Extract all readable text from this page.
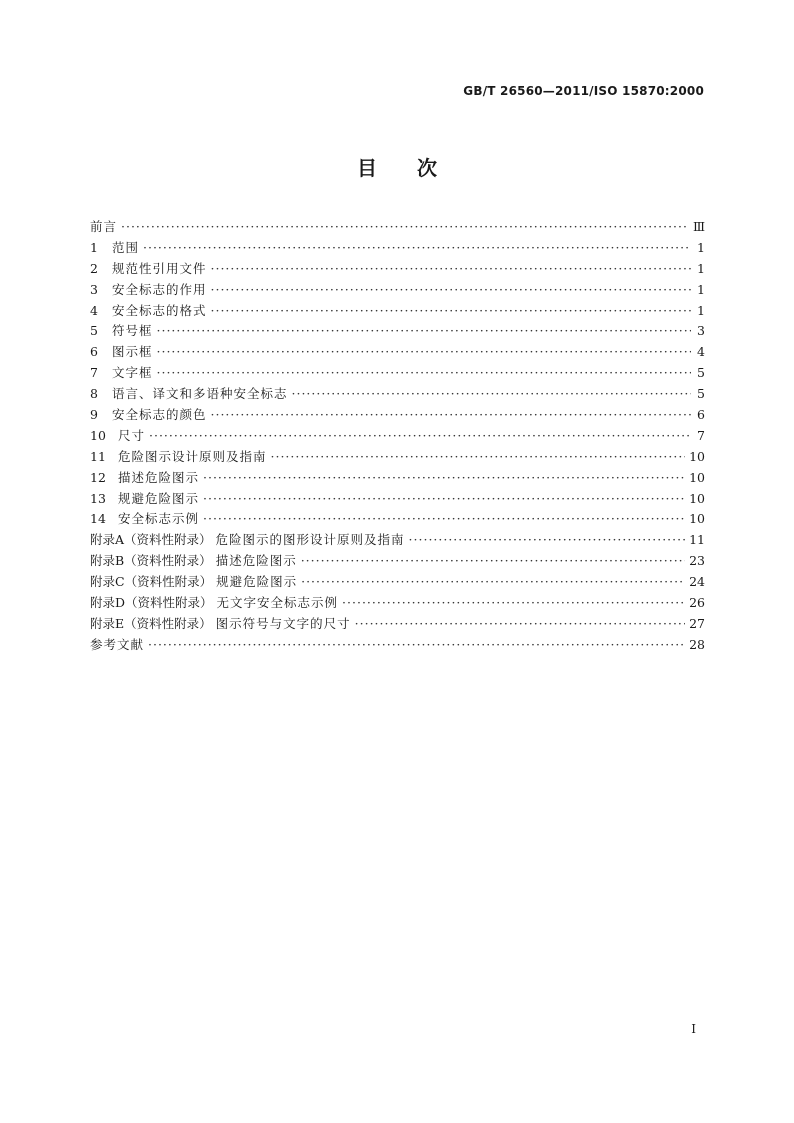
GB/T 26560—2011/ISO 15870:2000
目次
前言 ·····	Ⅲ
1	范围 ·····	1
2	规范性引用文件 ·····	1
3	安全标志的作用 ·····	1
4	安全标志的格式 ·····	1
5	符号框 ·····	3
6	图示框 ·····	4
7	文字框 ·····	5
8	语言、译文和多语种安全标志 ·····	5
9	安全标志的颜色 ·····	6
10 尺寸 ·····	7
11 危险图示设计原则及指南 ·····	10
12 描述危险图示 ·····	10
13 规避危险图示 ·····	10
14 安全标志示例 ·····	10
附录A（资料性附录） 危险图示的图形设计原则及指南 ·····	11
附录B（资料性附录） 描述危险图示 ·····	23
附录C（资料性附录） 规避危险图示 ·····	24
附录D（资料性附录） 无文字安全标志示例 ·····	26
附录E（资料性附录） 图示符号与文字的尺寸 ·····	27
参考文献 ·····	28
I
